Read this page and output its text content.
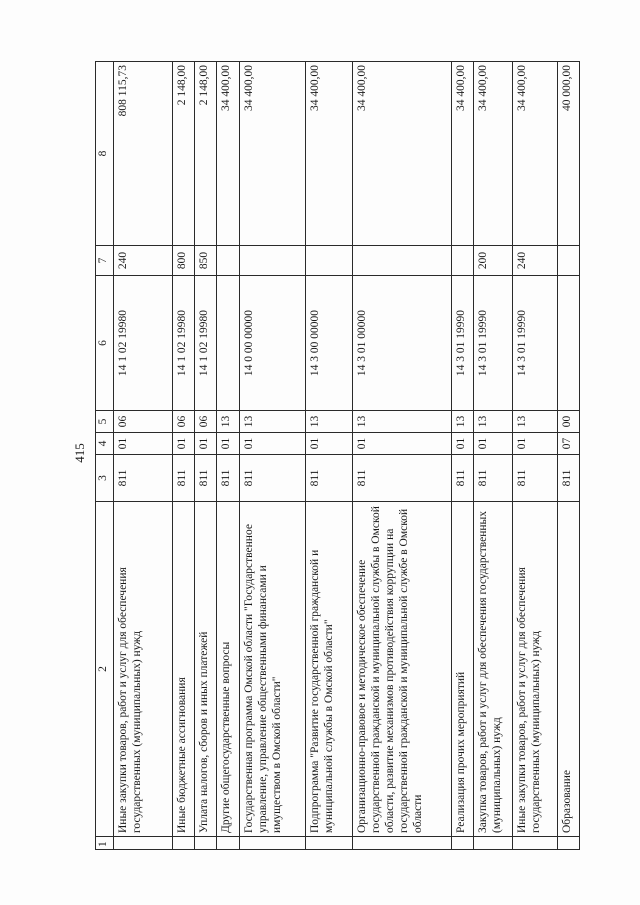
415
1	2	3	4	5	6	7	8
	Иные закупки товаров, работ и услуг для обеспечения государственных (муниципальных) нужд	811	01	06	14 1 02 19980	240	808 115,73
	Иные бюджетные ассигнования	811	01	06	14 1 02 19980	800	2 148,00
	Уплата налогов, сборов и иных платежей	811	01	06	14 1 02 19980	850	2 148,00
	Другие общегосударственные вопросы	811	01	13			34 400,00
	Государственная программа Омской области "Государственное управление, управление общественными финансами и имуществом в Омской области"	811	01	13	14 0 00 00000		34 400,00
	Подпрограмма "Развитие государственной гражданской и муниципальной службы в Омской области"	811	01	13	14 3 00 00000		34 400,00
	Организационно-правовое и методическое обеспечение государственной гражданской и муниципальной службы в Омской области, развитие механизмов противодействия коррупции на государственной гражданской и муниципальной службе в Омской области	811	01	13	14 3 01 00000		34 400,00
	Реализация прочих мероприятий	811	01	13	14 3 01 19990		34 400,00
	Закупка товаров, работ и услуг для обеспечения государственных (муниципальных) нужд	811	01	13	14 3 01 19990	200	34 400,00
	Иные закупки товаров, работ и услуг для обеспечения государственных (муниципальных) нужд	811	01	13	14 3 01 19990	240	34 400,00
	Образование	811	07	00			40 000,00
